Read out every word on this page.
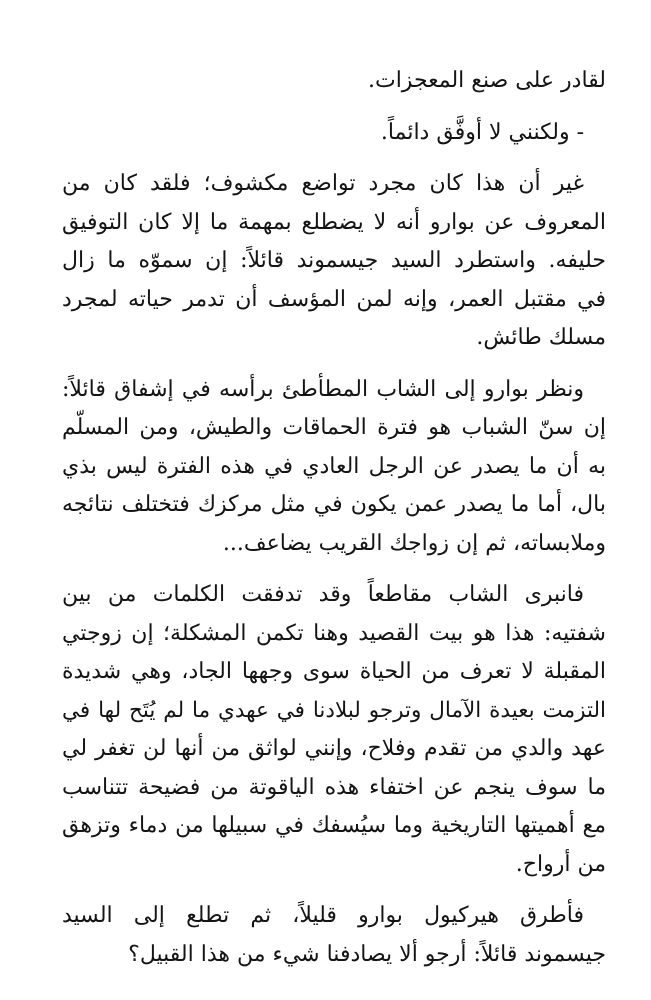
لقادر على صنع المعجزات.

- ولكنني لا أوفَّق دائماً.

غير أن هذا كان مجرد تواضع مكشوف؛ فلقد كان من
المعروف عن بوارو أنه لا يضطلع بمهمة ما إلا كان التوفيق
حليفه. واستطرد السيد جيسموند قائلاً: إن سموّه ما زال
في مقتبل العمر، وإنه لمن المؤسف أن تدمر حياته لمجرد
مسلك طائش.

ونظر بوارو إلى الشاب المطأطئ برأسه في إشفاق قائلاً:
إن سنّ الشباب هو فترة الحماقات والطيش، ومن المسلّم
به أن ما يصدر عن الرجل العادي في هذه الفترة ليس بذي
بال، أما ما يصدر عمن يكون في مثل مركزك فتختلف نتائجه
وملابساته، ثم إن زواجك القريب يضاعف...

فانبرى الشاب مقاطعاً وقد تدفقت الكلمات من بين
شفتيه: هذا هو بيت القصيد وهنا تكمن المشكلة؛ إن زوجتي
المقبلة لا تعرف من الحياة سوى وجهها الجاد، وهي شديدة
التزمت بعيدة الآمال وترجو لبلادنا في عهدي ما لم يُتَح لها في
عهد والدي من تقدم وفلاح، وإنني لواثق من أنها لن تغفر لي
ما سوف ينجم عن اختفاء هذه الياقوتة من فضيحة تتناسب
مع أهميتها التاريخية وما سيُسفك في سبيلها من دماء وتزهق
من أرواح.

فأطرق هيركيول بوارو قليلاً، ثم تطلع إلى السيد
جيسموند قائلاً: أرجو ألا يصادفنا شيء من هذا القبيل؟
